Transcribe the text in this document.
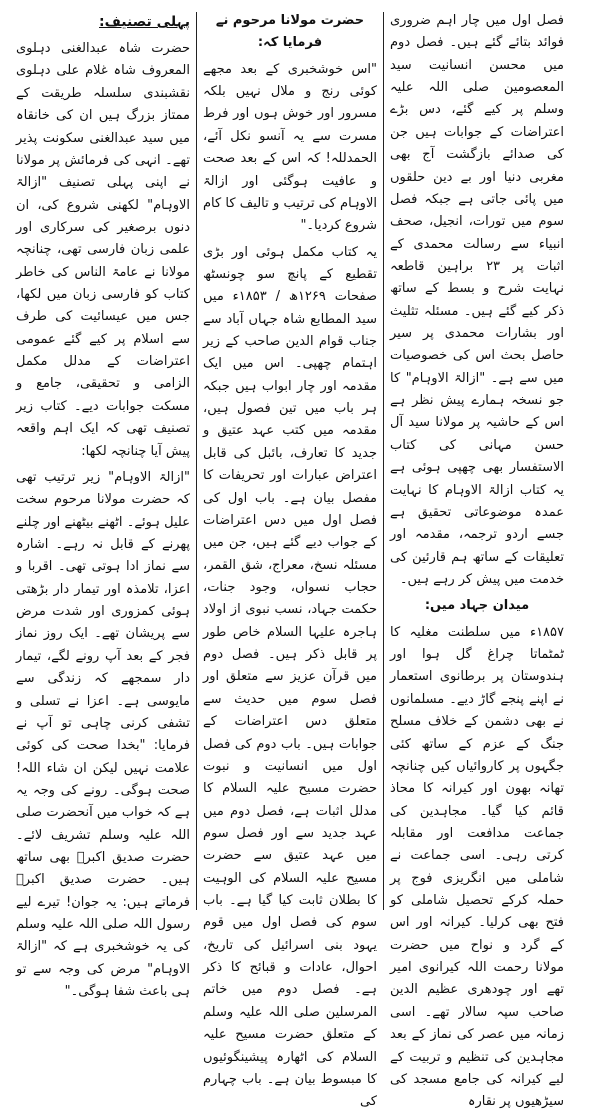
پہلی تصنیف:

حضرت شاہ عبدالغنی دہلوی المعروف شاہ غلام علی دہلوی نقشبندی سلسلہ طریقت کے ممتاز بزرگ ہیں ان کی خانقاہ میں سید عبدالغنی سکونت پذیر تھے۔ انہی کی فرمائش پر مولانا نے اپنی پہلی تصنیف "ازالۃ الاوہام" لکھنی شروع کی، ان دنوں برصغیر کی سرکاری اور علمی زبان فارسی تھی، چنانچہ مولانا نے عامۃ الناس کی خاطر کتاب کو فارسی زبان میں لکھا، جس میں عیسائیت کی طرف سے اسلام پر کیے گئے عمومی اعتراضات کے مدلل مکمل الزامی و تحقیقی، جامع و مسکت جوابات دیے۔ کتاب زیر تصنیف تھی کہ ایک اہم واقعہ پیش آیا چنانچہ لکھا:

"ازالۃ الاوہام" زیر ترتیب تھی کہ حضرت مولانا مرحوم سخت علیل ہوئے۔ اٹھنے بیٹھنے اور چلنے پھرنے کے قابل نہ رہے۔ اشارہ سے نماز ادا ہوتی تھی۔ اقربا و اعزا، تلامذہ اور تیمار دار بڑھتی ہوئی کمزوری اور شدت مرض سے پریشان تھے۔ ایک روز نماز فجر کے بعد آپ رونے لگے، تیمار دار سمجھے کہ زندگی سے مایوسی ہے۔ اعزا نے تسلی و تشفی کرنی چاہی تو آپ نے فرمایا: "بخدا صحت کی کوئی علامت نہیں لیکن ان شاء اللہ! صحت ہوگی۔ رونے کی وجہ یہ ہے کہ خواب میں آنحضرت صلی اللہ علیہ وسلم تشریف لائے۔ حضرت صدیق اکبرؓ بھی ساتھ ہیں۔ حضرت صدیق اکبرؓ فرماتے ہیں: یہ جوان! تیرے لیے رسول اللہ صلی اللہ علیہ وسلم کی یہ خوشخبری ہے کہ "ازالۃ الاوہام" مرض کی وجہ سے تو ہی باعث شفا ہوگی۔"

حضرت مولانا مرحوم نے فرمایا کہ:

"اس خوشخبری کے بعد مجھے کوئی رنج و ملال نہیں بلکہ مسرور اور خوش ہوں اور فرط مسرت سے یہ آنسو نکل آئے، الحمدللہ! کہ اس کے بعد صحت و عافیت ہوگئی اور ازالۃ الاوہام کی ترتیب و تالیف کا کام شروع کردیا۔"

یہ کتاب مکمل ہوئی اور بڑی تقطیع کے پانچ سو چونسٹھ صفحات ۱۲۶۹ھ / ۱۸۵۳ء میں سید المطابع شاہ جہاں آباد سے جناب قوام الدین صاحب کے زیر اہتمام چھپی۔ اس میں ایک مقدمہ اور چار ابواب ہیں جبکہ ہر باب میں تین فصول ہیں، مقدمہ میں کتب عہد عتیق و جدید کا تعارف، بائبل کی قابل اعتراض عبارات اور تحریفات کا مفصل بیان ہے۔ باب اول کی فصل اول میں دس اعتراضات کے جواب دیے گئے ہیں، جن میں مسئلہ نسخ، معراج، شق القمر، حجاب نسواں، وجود جنات، حکمت جہاد، نسب نبوی از اولاد ہاجرہ علیہا السلام خاص طور پر قابل ذکر ہیں۔ فصل دوم میں قرآن عزیز سے متعلق اور فصل سوم میں حدیث سے متعلق دس اعتراضات کے جوابات ہیں۔ باب دوم کی فصل اول میں انسانیت و نبوت حضرت مسیح علیہ السلام کا مدلل اثبات ہے، فصل دوم میں عہد جدید سے اور فصل سوم میں عہد عتیق سے حضرت مسیح علیہ السلام کی الوہیت کا بطلان ثابت کیا گیا ہے۔ باب سوم کی فصل اول میں قوم یہود بنی اسرائیل کی تاریخ، احوال، عادات و قبائح کا ذکر ہے۔ فصل دوم میں خاتم المرسلین صلی اللہ علیہ وسلم کے متعلق حضرت مسیح علیہ السلام کی اٹھارہ پیشینگوئیوں کا مبسوط بیان ہے۔ باب چہارم کی

فصل اول میں چار اہم ضروری فوائد بتائے گئے ہیں۔ فصل دوم میں محسن انسانیت سید المعصومین صلی اللہ علیہ وسلم پر کیے گئے، دس بڑے اعتراضات کے جوابات ہیں جن کی صدائے بازگشت آج بھی مغربی دنیا اور بے دین حلقوں میں پائی جاتی ہے جبکہ فصل سوم میں تورات، انجیل، صحف انبیاء سے رسالت محمدی کے اثبات پر ۲۳ براہین قاطعہ نہایت شرح و بسط کے ساتھ ذکر کیے گئے ہیں۔ مسئلہ تثلیث اور بشارات محمدی پر سیر حاصل بحث اس کی خصوصیات میں سے ہے۔ "ازالۃ الاوہام" کا جو نسخہ ہمارے پیش نظر ہے اس کے حاشیہ پر مولانا سید آل حسن مہانی کی کتاب الاستفسار بھی چھپی ہوئی ہے یہ کتاب ازالۃ الاوہام کا نہایت عمدہ موضوعاتی تحقیق ہے جسے اردو ترجمہ، مقدمہ اور تعلیقات کے ساتھ ہم قارئین کی خدمت میں پیش کر رہے ہیں۔

میدان جہاد میں:

۱۸۵۷ء میں سلطنت مغلیہ کا ٹمٹماتا چراغ گل ہوا اور ہندوستان پر برطانوی استعمار نے اپنے پنجے گاڑ دیے۔ مسلمانوں نے بھی دشمن کے خلاف مسلح جنگ کے عزم کے ساتھ کئی جگہوں پر کاروائیاں کیں چنانچہ تھانہ بھون اور کیرانہ کا محاذ قائم کیا گیا۔ مجاہدین کی جماعت مدافعت اور مقابلہ کرتی رہی۔ اسی جماعت نے شاملی میں انگریزی فوج پر حملہ کرکے تحصیل شاملی کو فتح بھی کرلیا۔ کیرانہ اور اس کے گرد و نواح میں حضرت مولانا رحمت اللہ کیرانوی امیر تھے اور چودھری عظیم الدین صاحب سپہ سالار تھے۔ اسی زمانہ میں عصر کی نماز کے بعد مجاہدین کی تنظیم و تربیت کے لیے کیرانہ کی جامع مسجد کی سیڑھیوں پر نقارہ
